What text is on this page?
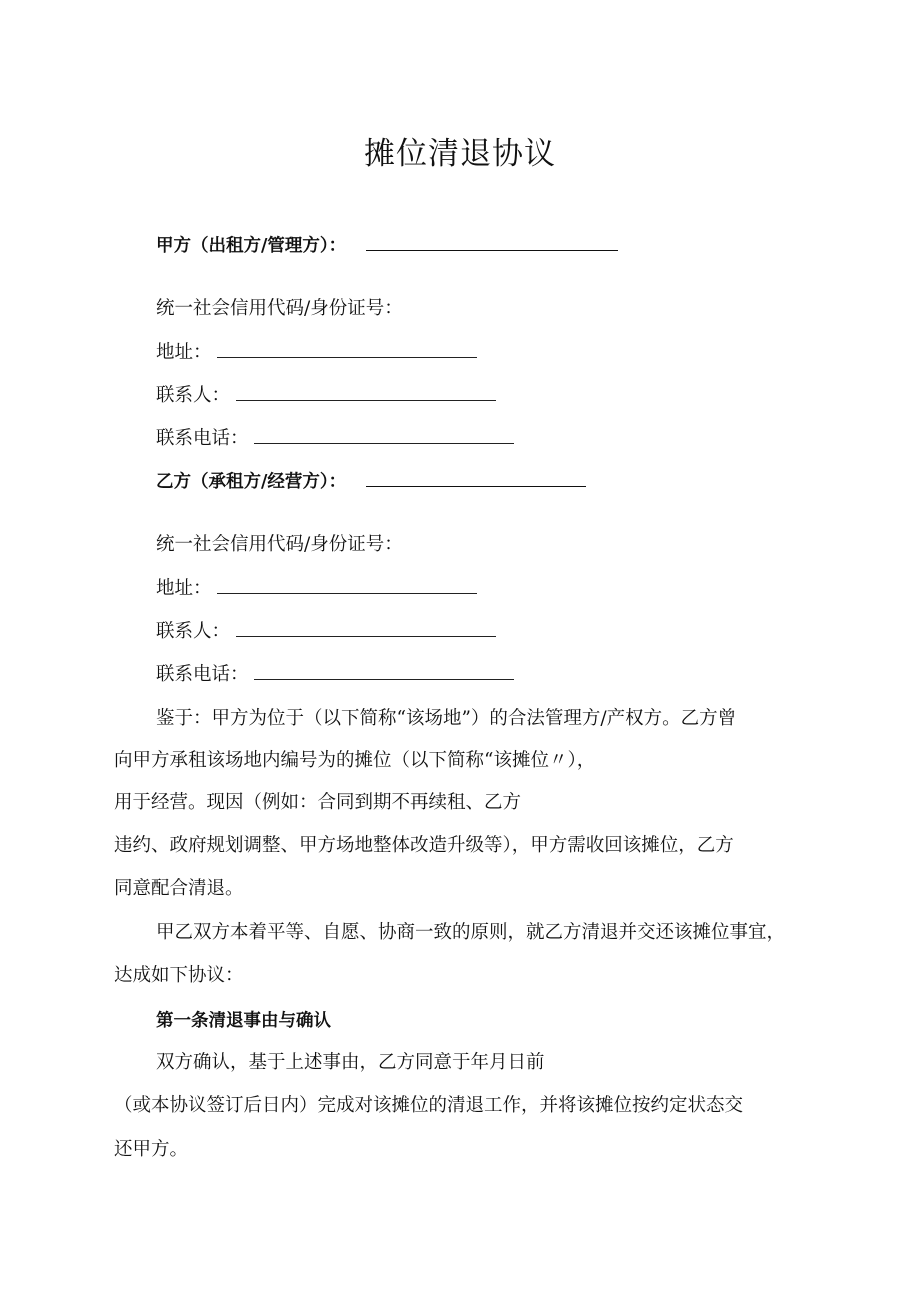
摊位清退协议
甲方（出租方/管理方）：
统一社会信用代码/身份证号：
地址：
联系人：
联系电话：
乙方（承租方/经营方）：
统一社会信用代码/身份证号：
地址：
联系人：
联系电话：
鉴于：甲方为位于（以下简称“该场地”）的合法管理方/产权方。乙方曾
向甲方承租该场地内编号为的摊位（以下简称“该摊位〃），
用于经营。现因（例如：合同到期不再续租、乙方
违约、政府规划调整、甲方场地整体改造升级等），甲方需收回该摊位，乙方
同意配合清退。
甲乙双方本着平等、自愿、协商一致的原则，就乙方清退并交还该摊位事宜，
达成如下协议：
第一条清退事由与确认
双方确认，基于上述事由，乙方同意于年月日前
（或本协议签订后日内）完成对该摊位的清退工作，并将该摊位按约定状态交
还甲方。
